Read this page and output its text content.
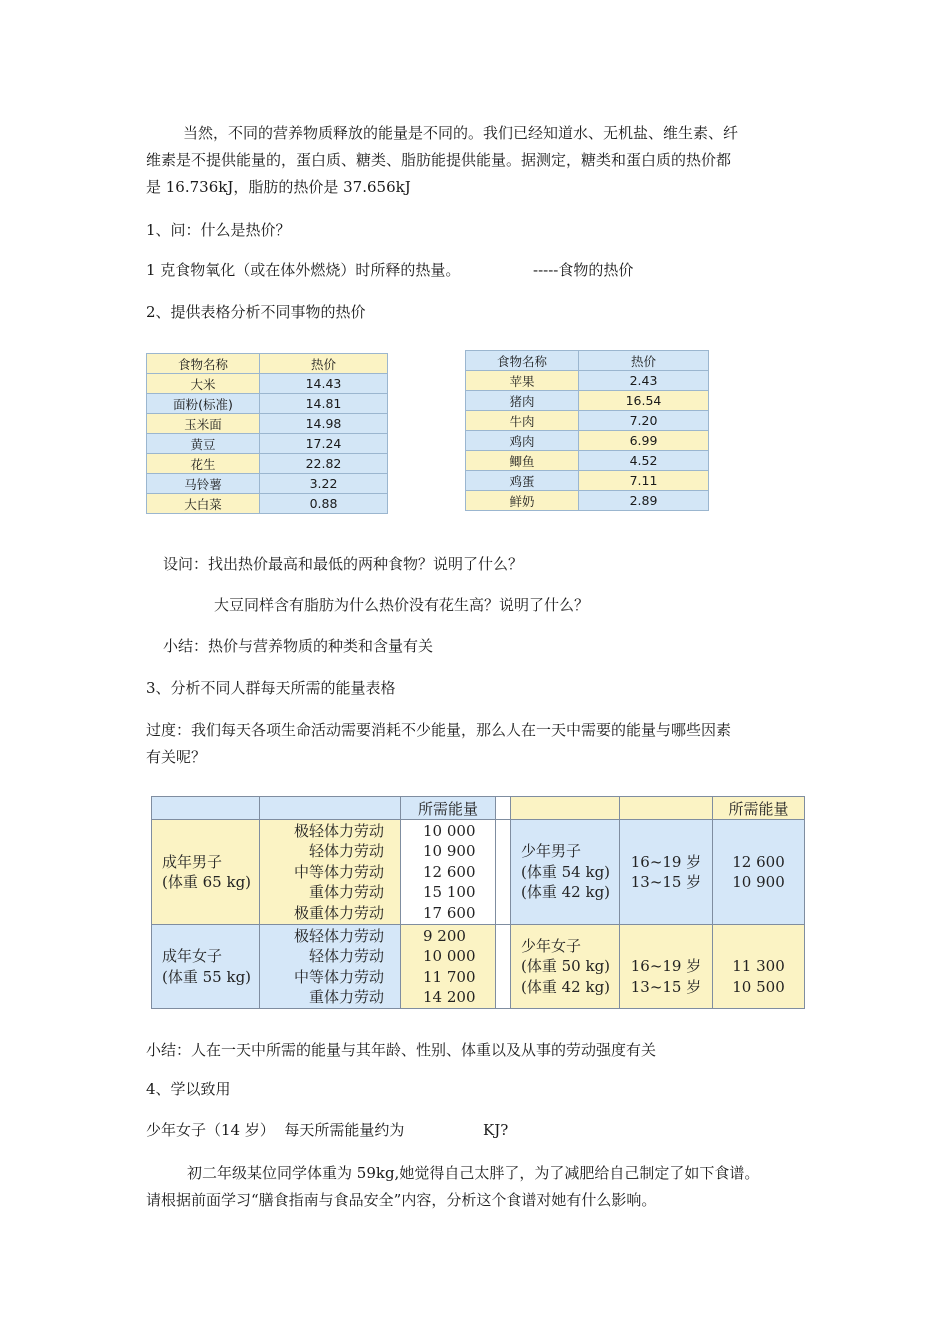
当然，不同的营养物质释放的能量是不同的。我们已经知道水、无机盐、维生素、纤
维素是不提供能量的，蛋白质、糖类、脂肪能提供能量。据测定，糖类和蛋白质的热价都
是 16.736kJ，脂肪的热价是 37.656kJ
1、问：什么是热价？
1 克食物氧化（或在体外燃烧）时所释的热量。	-----食物的热价
2、提供表格分析不同事物的热价
食物名称	热价
大米	14.43
面粉(标准)	14.81
玉米面	14.98
黄豆	17.24
花生	22.82
马铃薯	3.22
大白菜	0.88
食物名称	热价
苹果	2.43
猪肉	16.54
牛肉	7.20
鸡肉	6.99
鲫鱼	4.52
鸡蛋	7.11
鲜奶	2.89
设问：找出热价最高和最低的两种食物？说明了什么？
大豆同样含有脂肪为什么热价没有花生高？说明了什么？
小结：热价与营养物质的种类和含量有关
3、分析不同人群每天所需的能量表格
过度：我们每天各项生命活动需要消耗不少能量，那么人在一天中需要的能量与哪些因素
有关呢？
		所需能量				所需能量

成年男子
(体重 65 kg)	极轻体力劳动
轻体力劳动
中等体力劳动
重体力劳动
极重体力劳动	10 000
10 900
12 600
15 100
17 600		少年男子
(体重 54 kg)
(体重 42 kg)	16~19 岁
13~15 岁	12 600
10 900

成年女子
(体重 55 kg)	极轻体力劳动
轻体力劳动
中等体力劳动
重体力劳动	9 200
10 000
11 700
14 200		少年女子
(体重 50 kg)
(体重 42 kg)	16~19 岁
13~15 岁	11 300
10 500
小结：人在一天中所需的能量与其年龄、性别、体重以及从事的劳动强度有关
4、学以致用
少年女子（14 岁）  每天所需能量约为	KJ?
初二年级某位同学体重为 59kg,她觉得自己太胖了，为了减肥给自己制定了如下食谱。
请根据前面学习“膳食指南与食品安全”内容，分析这个食谱对她有什么影响。
